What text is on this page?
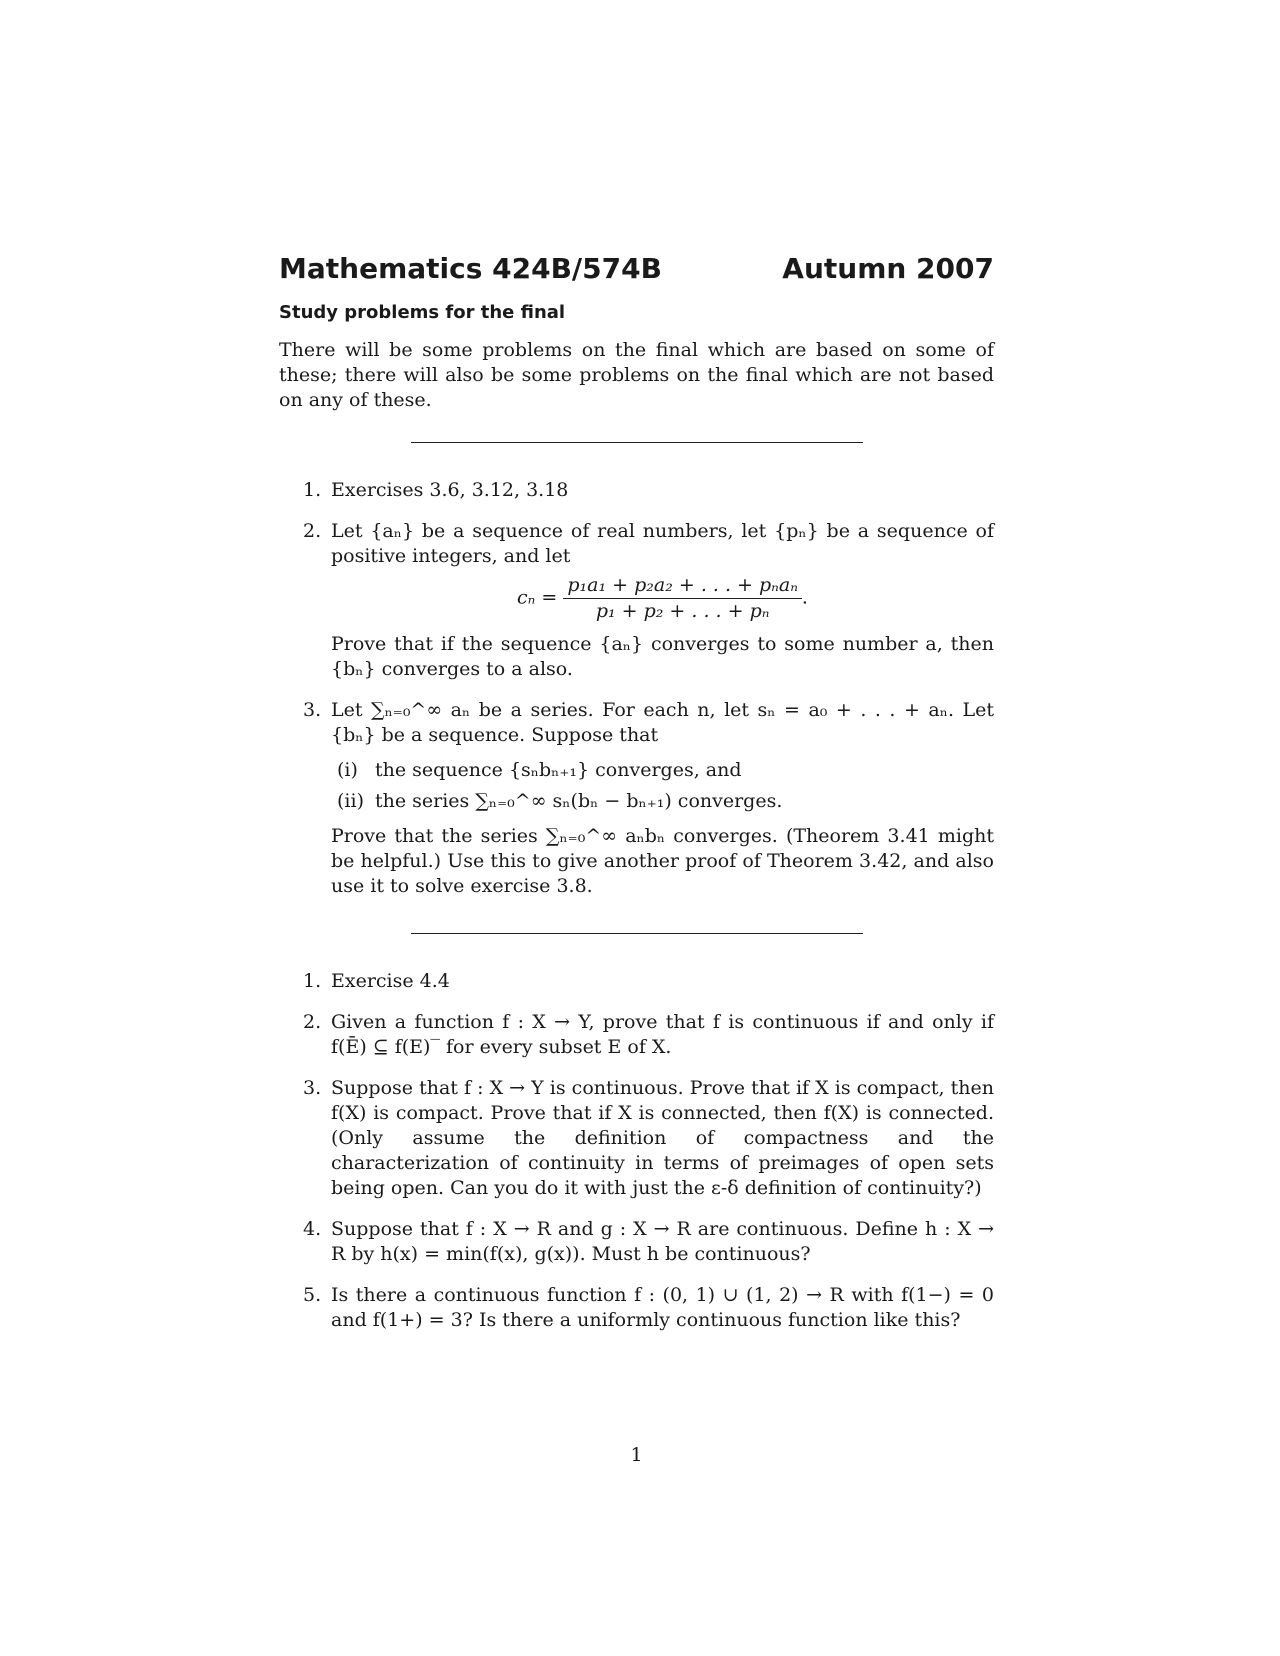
Mathematics 424B/574B	Autumn 2007
Study problems for the final
There will be some problems on the final which are based on some of these; there will also be some problems on the final which are not based on any of these.
1. Exercises 3.6, 3.12, 3.18
2. Let {aₙ} be a sequence of real numbers, let {pₙ} be a sequence of positive integers, and let
$c_n = \frac{\text{p₁a₁ + p₂a₂ + . . . + pₙaₙ}}{\text{p₁ + p₂ + . . . + pₙ}}$ .
Prove that if the sequence {aₙ} converges to some number a, then {bₙ} converges to a also.
3. Let ∑ₙ₌₀^∞ aₙ be a series. For each n, let sₙ = a₀ + . . . + aₙ. Let {bₙ} be a sequence. Suppose that
(i) the sequence {sₙbₙ₊₁} converges, and
(ii) the series ∑ₙ₌₀^∞ sₙ(bₙ − bₙ₊₁) converges.
Prove that the series ∑ₙ₌₀^∞ aₙbₙ converges. (Theorem 3.41 might be helpful.) Use this to give another proof of Theorem 3.42, and also use it to solve exercise 3.8.
1. Exercise 4.4
2. Given a function f : X → Y, prove that f is continuous if and only if f(Ē) ⊆ f(E)‾ for every subset E of X.
3. Suppose that f : X → Y is continuous. Prove that if X is compact, then f(X) is compact. Prove that if X is connected, then f(X) is connected. (Only assume the definition of compactness and the characterization of continuity in terms of preimages of open sets being open. Can you do it with just the ε-δ definition of continuity?)
4. Suppose that f : X → R and g : X → R are continuous. Define h : X → R by h(x) = min(f(x), g(x)). Must h be continuous?
5. Is there a continuous function f : (0, 1) ∪ (1, 2) → R with f(1−) = 0 and f(1+) = 3? Is there a uniformly continuous function like this?
1
